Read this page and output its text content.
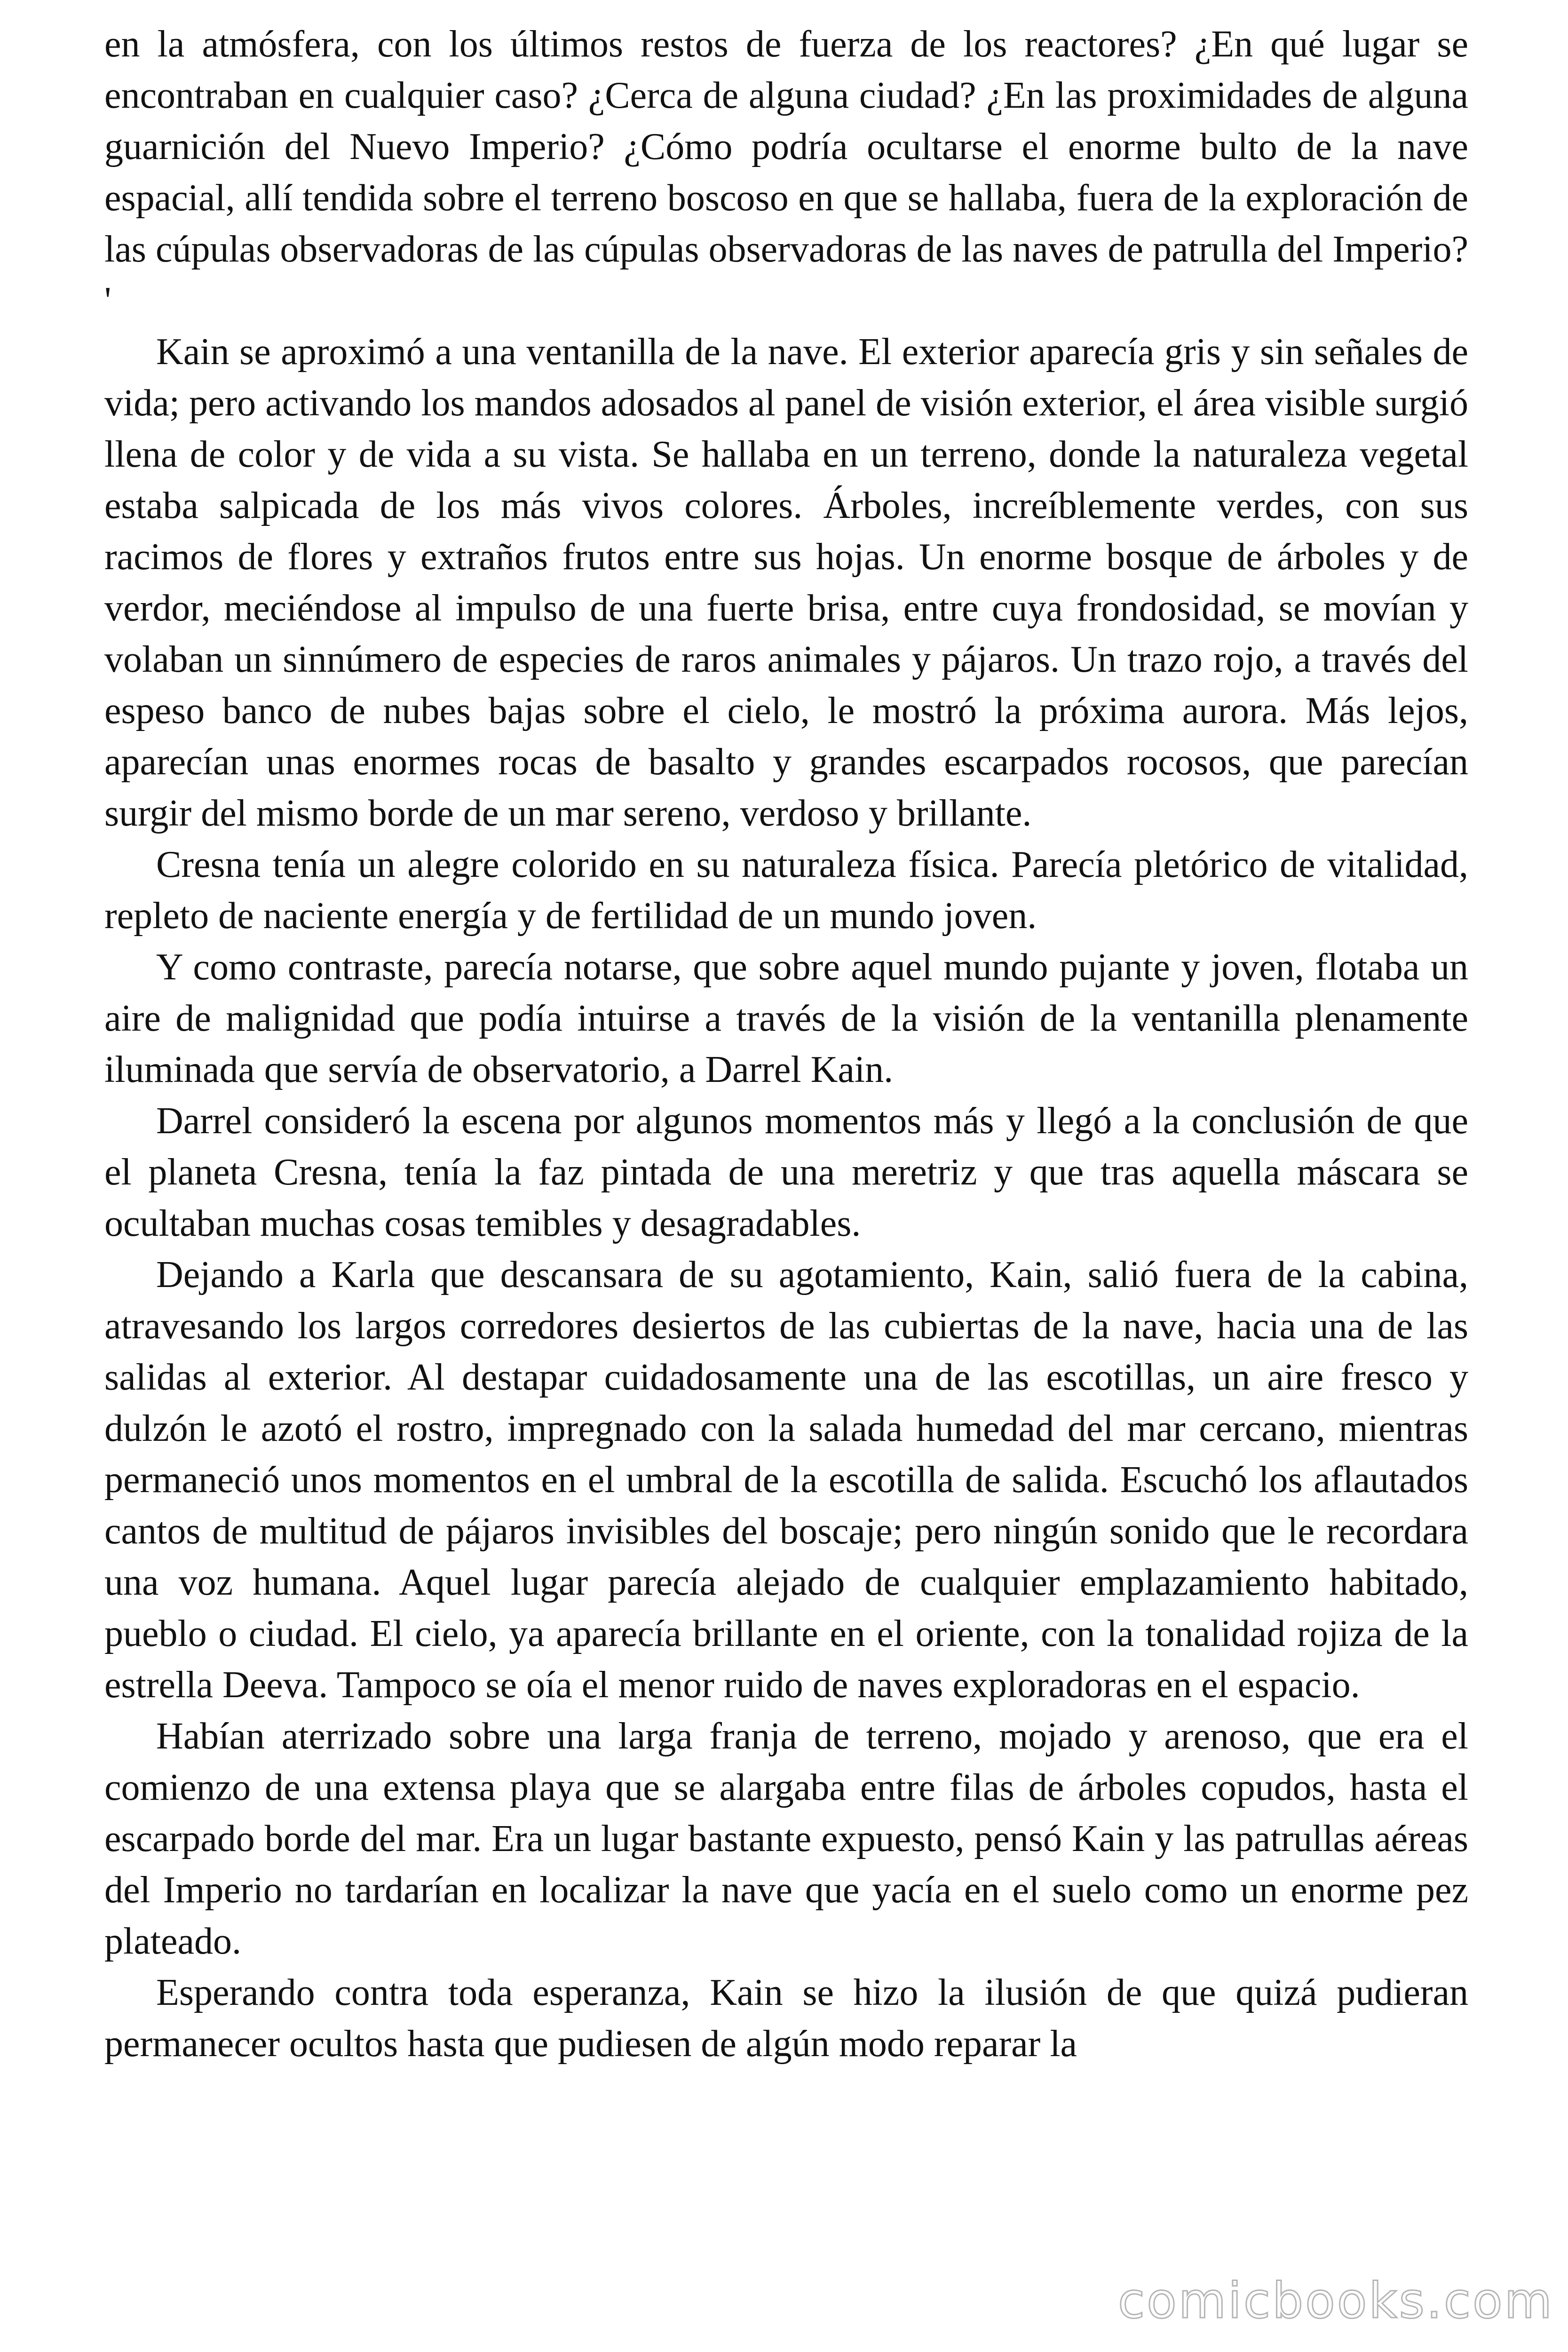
en la atmósfera, con los últimos restos de fuerza de los reactores? ¿En qué lugar se encontraban en cualquier caso? ¿Cerca de alguna ciudad? ¿En las proximidades de alguna guarnición del Nuevo Imperio? ¿Cómo podría ocultarse el enorme bulto de la nave espacial, allí tendida sobre el terreno boscoso en que se hallaba, fuera de la exploración de las cúpulas observadoras de las cúpulas observadoras de las naves de patrulla del Imperio? '

Kain se aproximó a una ventanilla de la nave. El exterior aparecía gris y sin señales de vida; pero activando los mandos adosados al panel de visión exterior, el área visible surgió llena de color y de vida a su vista. Se hallaba en un terreno, donde la naturaleza vegetal estaba salpicada de los más vivos colores. Árboles, increíblemente verdes, con sus racimos de flores y extraños frutos entre sus hojas. Un enorme bosque de árboles y de verdor, meciéndose al impulso de una fuerte brisa, entre cuya frondosidad, se movían y volaban un sinnúmero de especies de raros animales y pájaros. Un trazo rojo, a través del espeso banco de nubes bajas sobre el cielo, le mostró la próxima aurora. Más lejos, aparecían unas enormes rocas de basalto y grandes escarpados rocosos, que parecían surgir del mismo borde de un mar sereno, verdoso y brillante.

Cresna tenía un alegre colorido en su naturaleza física. Parecía pletórico de vitalidad, repleto de naciente energía y de fertilidad de un mundo joven.

Y como contraste, parecía notarse, que sobre aquel mundo pujante y joven, flotaba un aire de malignidad que podía intuirse a través de la visión de la ventanilla plenamente iluminada que servía de observatorio, a Darrel Kain.

Darrel consideró la escena por algunos momentos más y llegó a la conclusión de que el planeta Cresna, tenía la faz pintada de una meretriz y que tras aquella máscara se ocultaban muchas cosas temibles y desagradables.

Dejando a Karla que descansara de su agotamiento, Kain, salió fuera de la cabina, atravesando los largos corredores desiertos de las cubiertas de la nave, hacia una de las salidas al exterior. Al destapar cuidadosamente una de las escotillas, un aire fresco y dulzón le azotó el rostro, impregnado con la salada humedad del mar cercano, mientras permaneció unos momentos en el umbral de la escotilla de salida. Escuchó los aflautados cantos de multitud de pájaros invisibles del boscaje; pero ningún sonido que le recordara una voz humana. Aquel lugar parecía alejado de cualquier emplazamiento habitado, pueblo o ciudad. El cielo, ya aparecía brillante en el oriente, con la tonalidad rojiza de la estrella Deeva. Tampoco se oía el menor ruido de naves exploradoras en el espacio.

Habían aterrizado sobre una larga franja de terreno, mojado y arenoso, que era el comienzo de una extensa playa que se alargaba entre filas de árboles copudos, hasta el escarpado borde del mar. Era un lugar bastante expuesto, pensó Kain y las patrullas aéreas del Imperio no tardarían en localizar la nave que yacía en el suelo como un enorme pez plateado.

Esperando contra toda esperanza, Kain se hizo la ilusión de que quizá pudieran permanecer ocultos hasta que pudiesen de algún modo reparar la

comicbooks.com
